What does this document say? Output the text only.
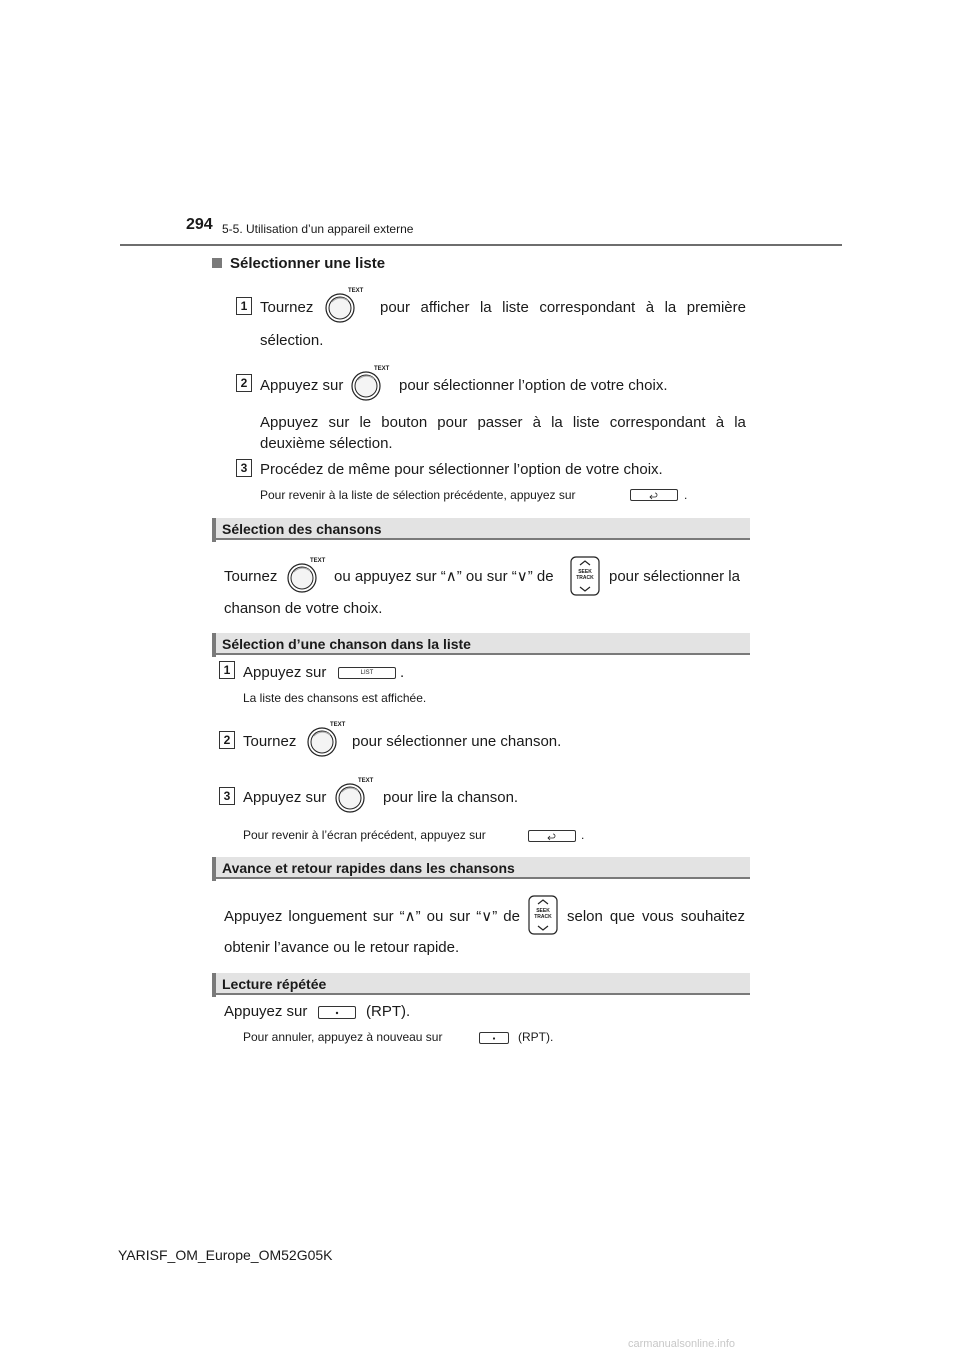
294 5-5. Utilisation d’un appareil externe
Sélectionner une liste
1 Tournez
TEXT
pour afficher la liste correspondant à la première
sélection.
2 Appuyez sur
TEXT
pour sélectionner l’option de votre choix.
Appuyez sur le bouton pour passer à la liste correspondant à la
deuxième sélection.
3 Procédez de même pour sélectionner l’option de votre choix.
Pour revenir à la liste de sélection précédente, appuyez sur	.
Sélection des chansons
Tournez
TEXT
ou appuyez sur “∧” ou sur “∨” de	SEEK
TRACK	pour sélectionner la
chanson de votre choix.
Sélection d’une chanson dans la liste
1 Appuyez sur	LIST	.
La liste des chansons est affichée.
2 Tournez
TEXT
pour sélectionner une chanson.
3 Appuyez sur
TEXT
pour lire la chanson.
Pour revenir à l’écran précédent, appuyez sur	.
Avance et retour rapides dans les chansons
Appuyez longuement sur “∧” ou sur “∨” de	SEEK
TRACK	selon que vous souhaitez
obtenir l’avance ou le retour rapide.
Lecture répétée
Appuyez sur	(RPT).
Pour annuler, appuyez à nouveau sur	(RPT).
YARISF_OM_Europe_OM52G05K
carmanualsonline.info
